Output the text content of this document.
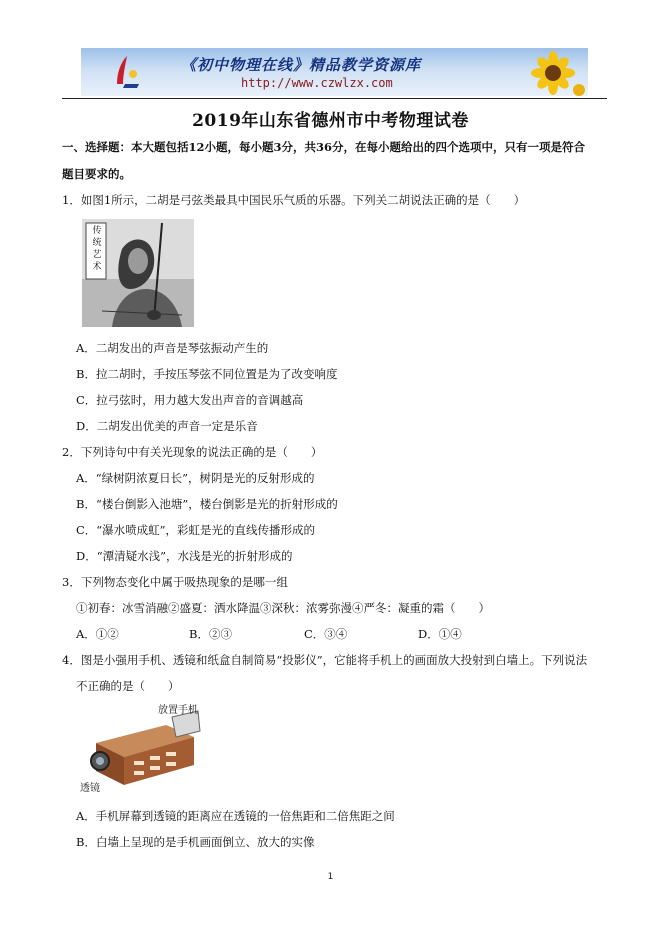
《初中物理在线》精品教学资源库
http://www.czwlzx.com
2019年山东省德州市中考物理试卷
一、选择题：本大题包括12小题，每小题3分，共36分，在每小题给出的四个选项中，只有一项是符合
题目要求的。
1．如图1所示，二胡是弓弦类最具中国民乐气质的乐器。下列关二胡说法正确的是（　　）
传统艺术
A．二胡发出的声音是琴弦振动产生的
B．拉二胡时，手按压琴弦不同位置是为了改变响度
C．拉弓弦时，用力越大发出声音的音调越高
D．二胡发出优美的声音一定是乐音
2．下列诗句中有关光现象的说法正确的是（　　）
A．“绿树阴浓夏日长”，树阴是光的反射形成的
B．“楼台倒影入池塘”，楼台倒影是光的折射形成的
C．“瀑水喷成虹”，彩虹是光的直线传播形成的
D．“潭清疑水浅”，水浅是光的折射形成的
3．下列物态变化中属于吸热现象的是哪一组
①初春：冰雪消融②盛夏：洒水降温③深秋：浓雾弥漫④严冬：凝重的霜（　　）
A．①②	B．②③	C．③④	D．①④
4．图是小强用手机、透镜和纸盒自制简易“投影仪”，它能将手机上的画面放大投射到白墙上。下列说法
不正确的是（　　）
放置手机
透镜
A．手机屏幕到透镜的距离应在透镜的一倍焦距和二倍焦距之间
B．白墙上呈现的是手机画面倒立、放大的实像
1
